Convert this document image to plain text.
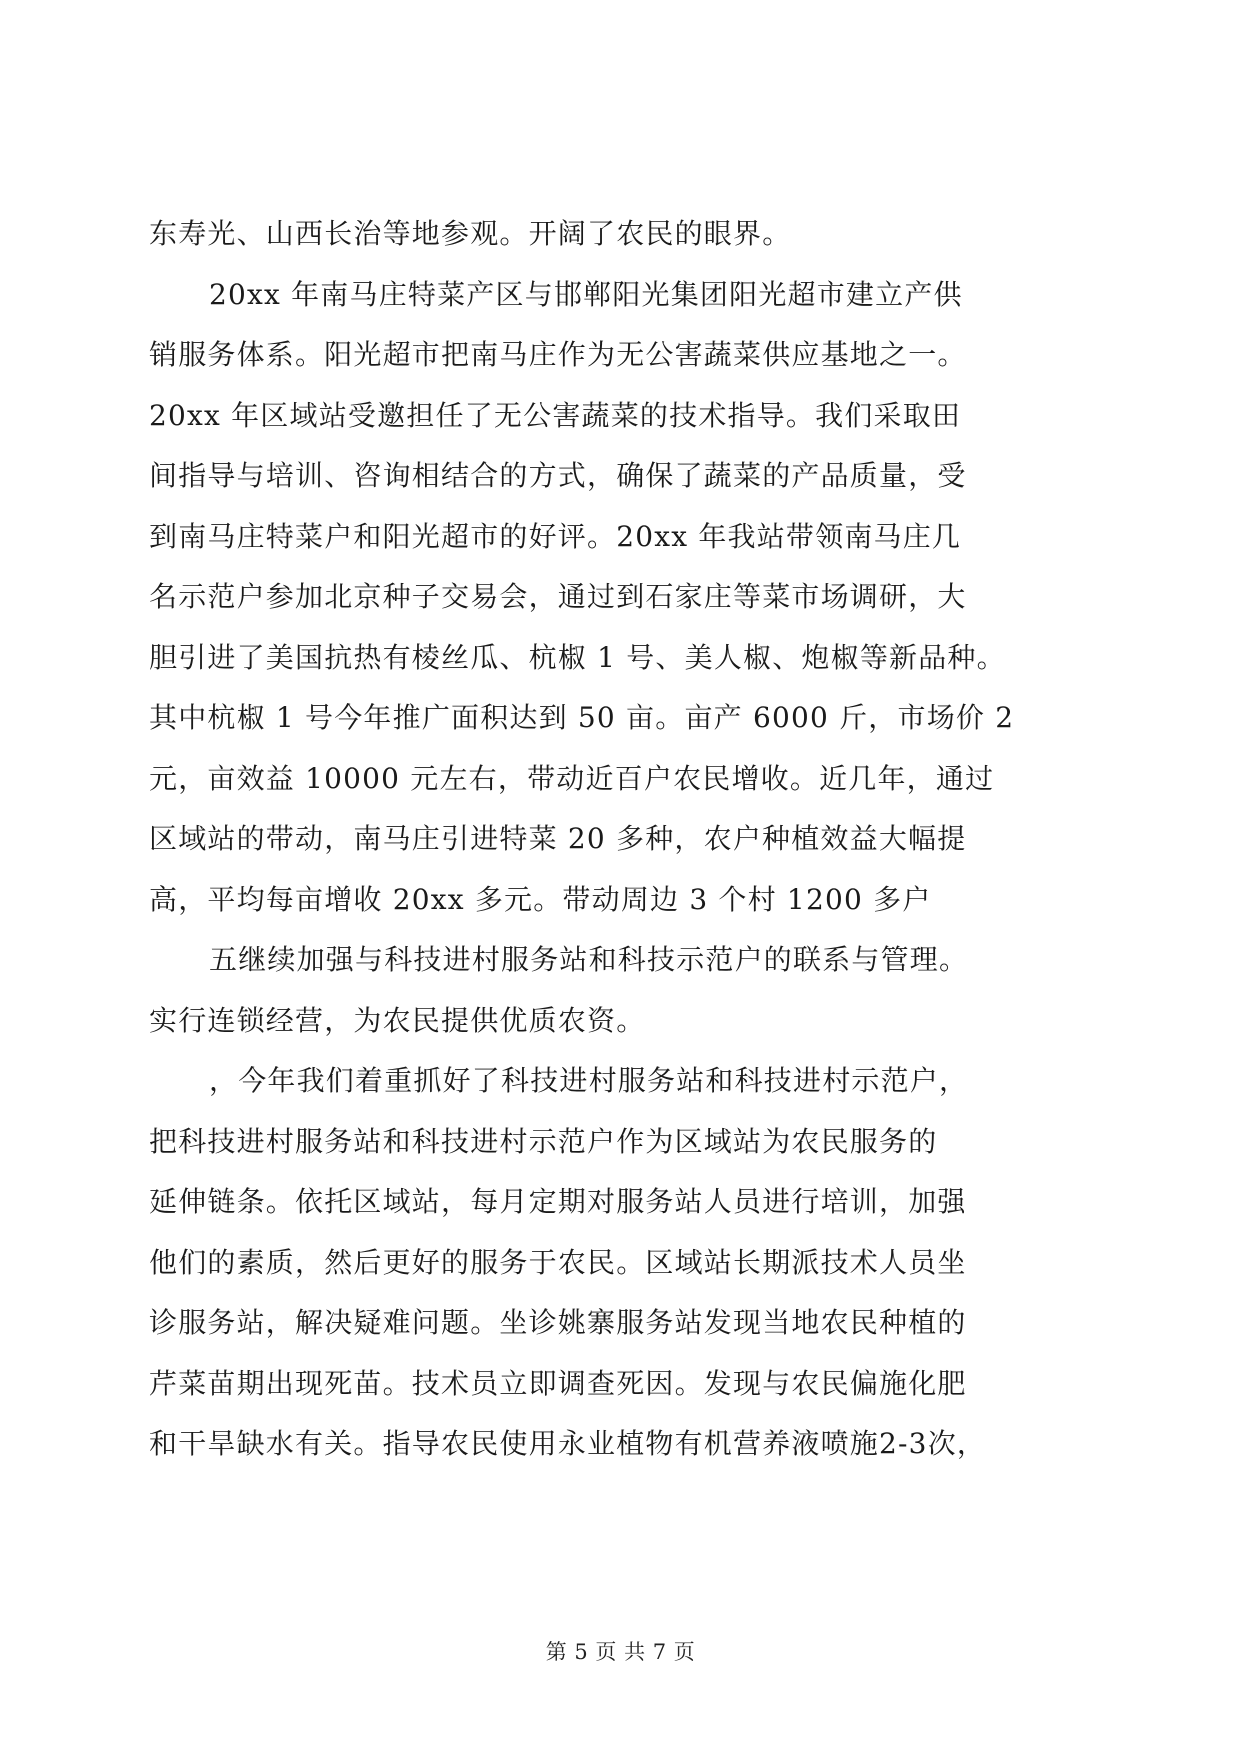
东寿光、山西长治等地参观。开阔了农民的眼界。
20xx 年南马庄特菜产区与邯郸阳光集团阳光超市建立产供
销服务体系。阳光超市把南马庄作为无公害蔬菜供应基地之一。
20xx 年区域站受邀担任了无公害蔬菜的技术指导。我们采取田
间指导与培训、咨询相结合的方式，确保了蔬菜的产品质量，受
到南马庄特菜户和阳光超市的好评。20xx 年我站带领南马庄几
名示范户参加北京种子交易会，通过到石家庄等菜市场调研，大
胆引进了美国抗热有棱丝瓜、杭椒 1 号、美人椒、炮椒等新品种。
其中杭椒 1 号今年推广面积达到 50 亩。亩产 6000 斤，市场价 2
元，亩效益 10000 元左右，带动近百户农民增收。近几年，通过
区域站的带动，南马庄引进特菜 20 多种，农户种植效益大幅提
高，平均每亩增收 20xx 多元。带动周边 3 个村 1200 多户
五继续加强与科技进村服务站和科技示范户的联系与管理。
实行连锁经营，为农民提供优质农资。
，今年我们着重抓好了科技进村服务站和科技进村示范户，
把科技进村服务站和科技进村示范户作为区域站为农民服务的
延伸链条。依托区域站，每月定期对服务站人员进行培训，加强
他们的素质，然后更好的服务于农民。区域站长期派技术人员坐
诊服务站，解决疑难问题。坐诊姚寨服务站发现当地农民种植的
芹菜苗期出现死苗。技术员立即调查死因。发现与农民偏施化肥
和干旱缺水有关。指导农民使用永业植物有机营养液喷施2-3次，
第 5 页 共 7 页
